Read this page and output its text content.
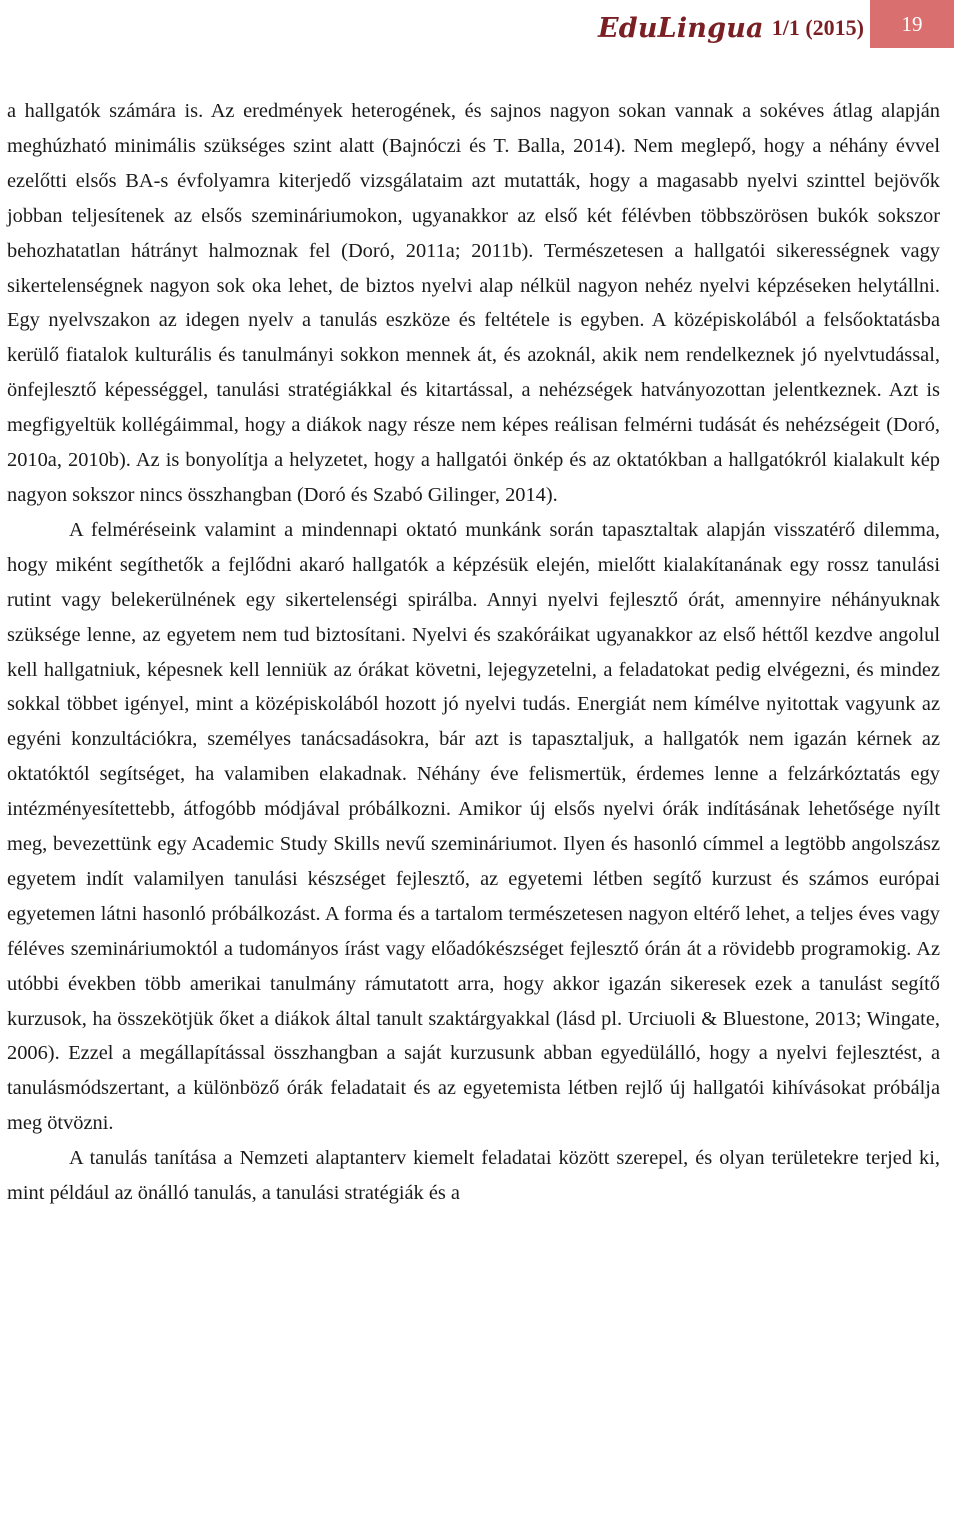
EduLingua 1/1 (2015) 19

a hallgatók számára is. Az eredmények heterogének, és sajnos nagyon sokan vannak a sokéves átlag alapján meghúzható minimális szükséges szint alatt (Bajnóczi és T. Balla, 2014). Nem meglepő, hogy a néhány évvel ezelőtti elsős BA-s évfolyamra kiterjedő vizsgálataim azt mutatták, hogy a magasabb nyelvi szinttel bejövők jobban teljesítenek az elsős szemináriumokon, ugyanakkor az első két félévben többszörösen bukók sokszor behozhatatlan hátrányt halmoznak fel (Doró, 2011a; 2011b). Természetesen a hallgatói sikerességnek vagy sikertelenségnek nagyon sok oka lehet, de biztos nyelvi alap nélkül nagyon nehéz nyelvi képzéseken helytállni. Egy nyelvszakon az idegen nyelv a tanulás eszköze és feltétele is egyben. A középiskolából a felsőoktatásba kerülő fiatalok kulturális és tanulmányi sokkon mennek át, és azoknál, akik nem rendelkeznek jó nyelvtudással, önfejlesztő képességgel, tanulási stratégiákkal és kitartással, a nehézségek hatványozottan jelentkeznek. Azt is megfigyeltük kollégáimmal, hogy a diákok nagy része nem képes reálisan felmérni tudását és nehézségeit (Doró, 2010a, 2010b). Az is bonyolítja a helyzetet, hogy a hallgatói önkép és az oktatókban a hallgatókról kialakult kép nagyon sokszor nincs összhangban (Doró és Szabó Gilinger, 2014).

A felméréseink valamint a mindennapi oktató munkánk során tapasztaltak alapján visszatérő dilemma, hogy miként segíthetők a fejlődni akaró hallgatók a képzésük elején, mielőtt kialakítanának egy rossz tanulási rutint vagy belekerülnének egy sikertelenségi spirálba. Annyi nyelvi fejlesztő órát, amennyire néhányuknak szüksége lenne, az egyetem nem tud biztosítani. Nyelvi és szakóráikat ugyanakkor az első héttől kezdve angolul kell hallgatniuk, képesnek kell lenniük az órákat követni, lejegyzetelni, a feladatokat pedig elvégezni, és mindez sokkal többet igényel, mint a középiskolából hozott jó nyelvi tudás. Energiát nem kímélve nyitottak vagyunk az egyéni konzultációkra, személyes tanácsadásokra, bár azt is tapasztaljuk, a hallgatók nem igazán kérnek az oktatóktól segítséget, ha valamiben elakadnak. Néhány éve felismertük, érdemes lenne a felzárkóztatás egy intézményesítettebb, átfogóbb módjával próbálkozni. Amikor új elsős nyelvi órák indításának lehetősége nyílt meg, bevezettünk egy Academic Study Skills nevű szemináriumot. Ilyen és hasonló címmel a legtöbb angolszász egyetem indít valamilyen tanulási készséget fejlesztő, az egyetemi létben segítő kurzust és számos európai egyetemen látni hasonló próbálkozást. A forma és a tartalom természetesen nagyon eltérő lehet, a teljes éves vagy féléves szemináriumoktól a tudományos írást vagy előadókészséget fejlesztő órán át a rövidebb programokig. Az utóbbi években több amerikai tanulmány rámutatott arra, hogy akkor igazán sikeresek ezek a tanulást segítő kurzusok, ha összekötjük őket a diákok által tanult szaktárgyakkal (lásd pl. Urciuoli & Bluestone, 2013; Wingate, 2006). Ezzel a megállapítással összhangban a saját kurzusunk abban egyedülálló, hogy a nyelvi fejlesztést, a tanulásmódszertant, a különböző órák feladatait és az egyetemista létben rejlő új hallgatói kihívásokat próbálja meg ötvözni.

A tanulás tanítása a Nemzeti alaptanterv kiemelt feladatai között szerepel, és olyan területekre terjed ki, mint például az önálló tanulás, a tanulási stratégiák és a
